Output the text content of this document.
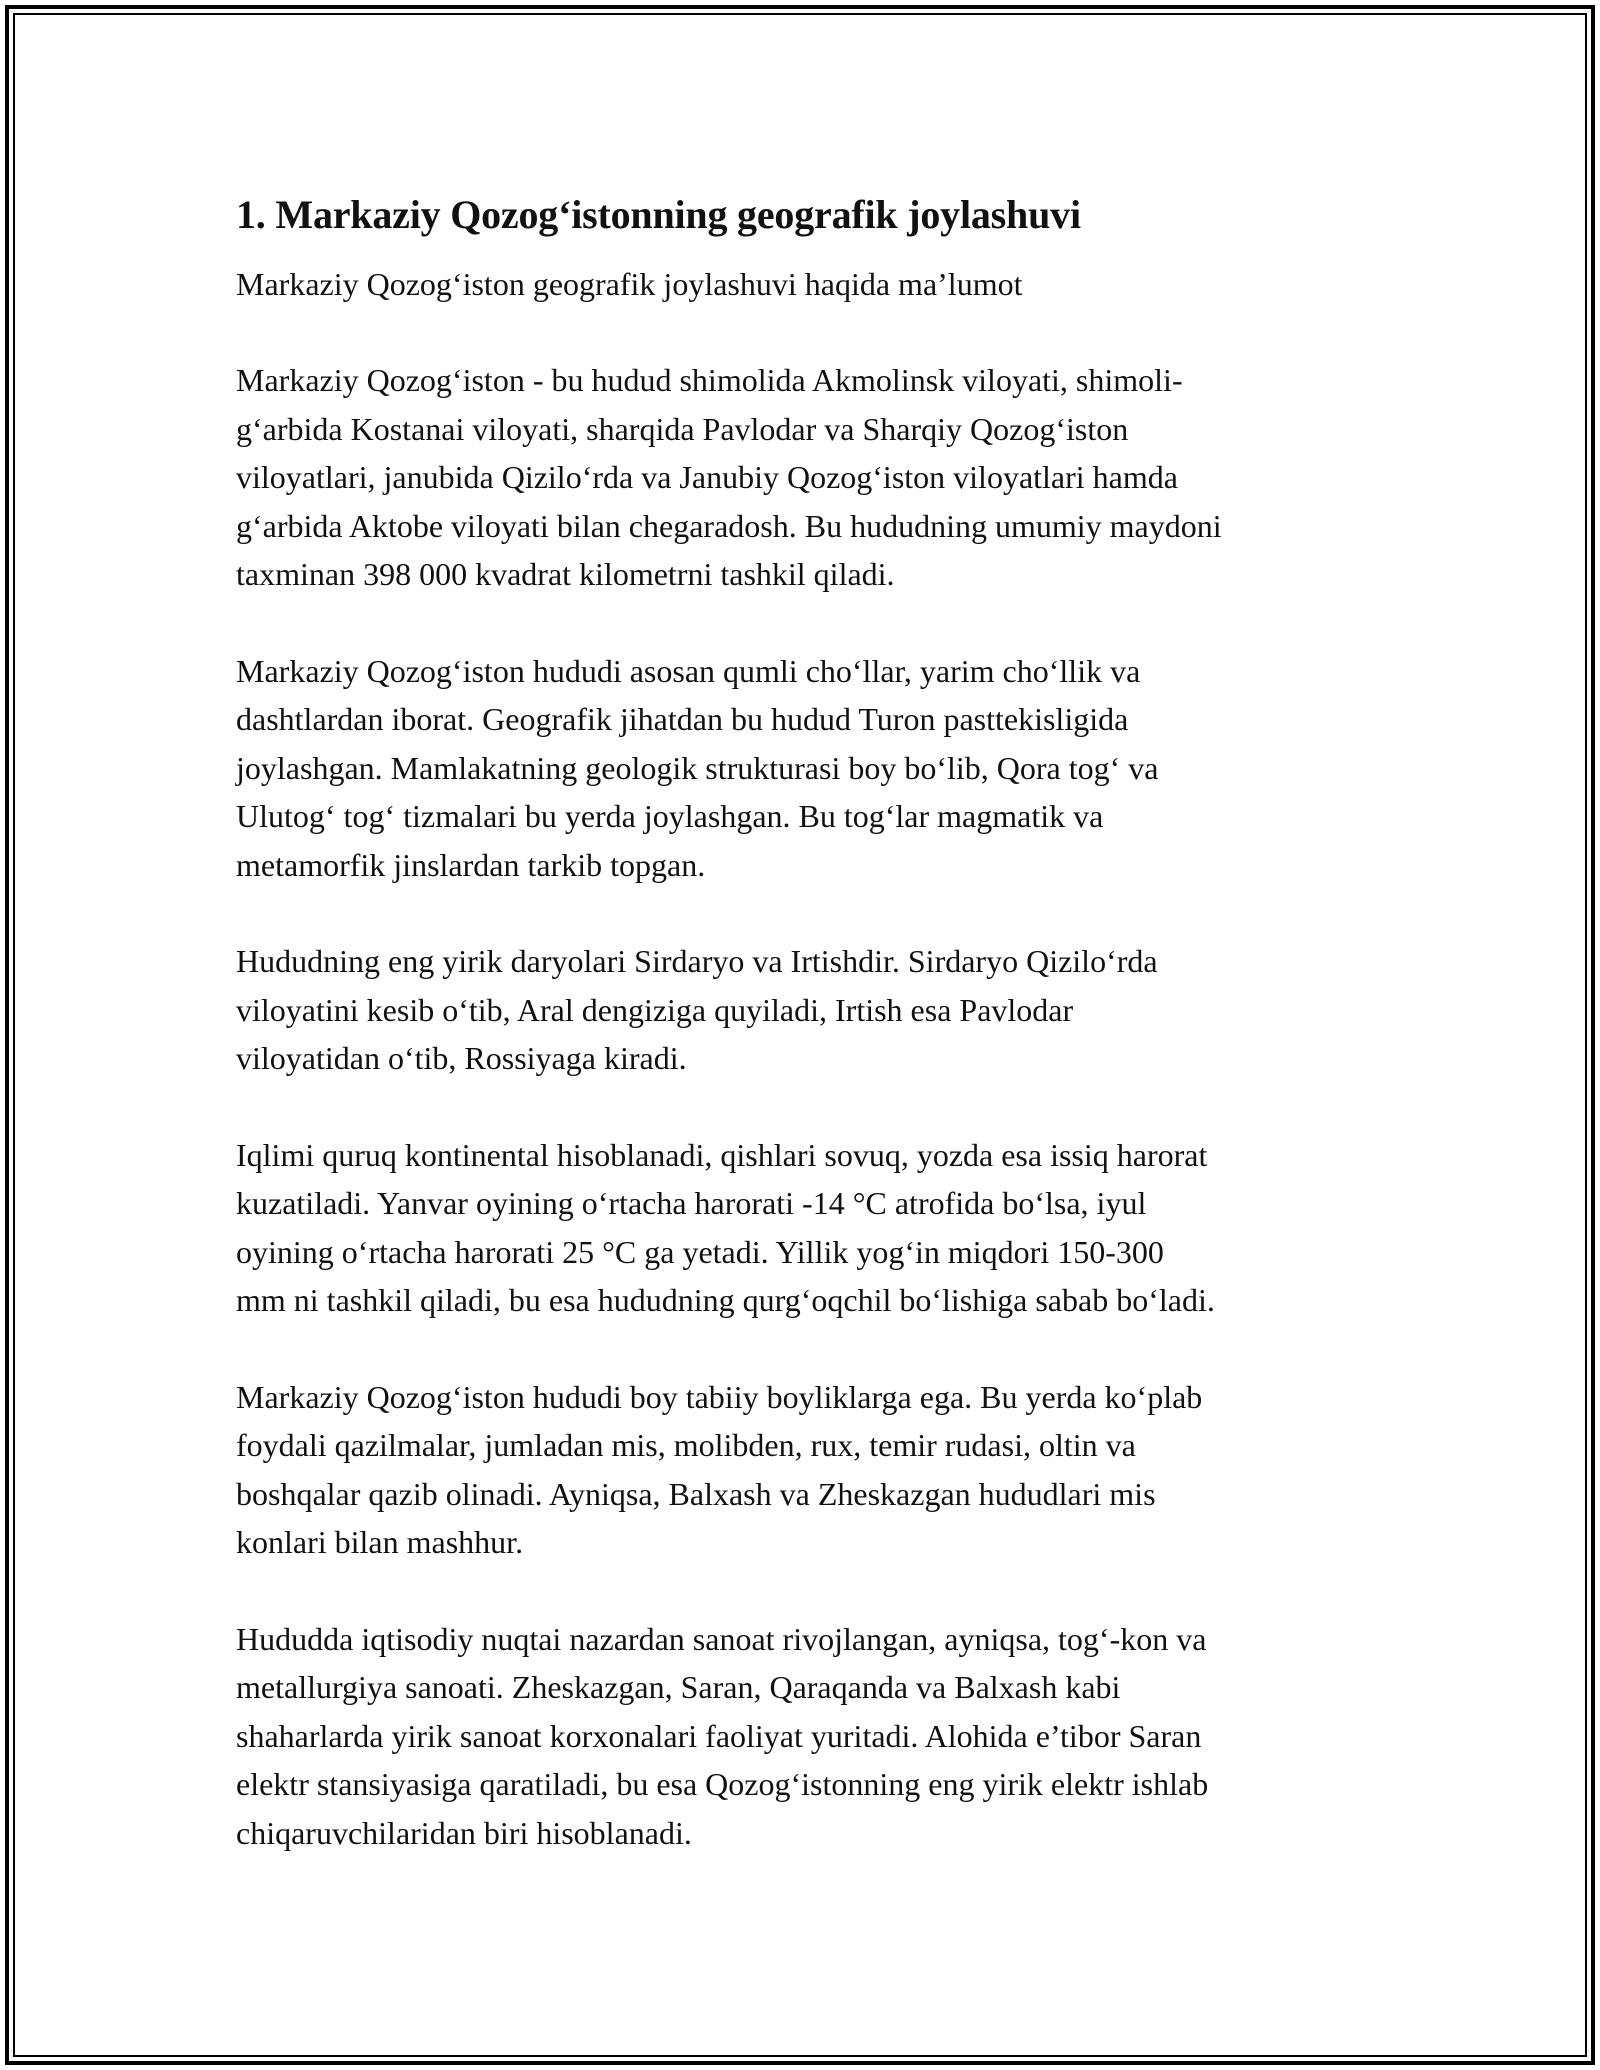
1. Markaziy Qozog‘istonning geografik joylashuvi

Markaziy Qozog‘iston geografik joylashuvi haqida ma’lumot

Markaziy Qozog‘iston - bu hudud shimolida Akmolinsk viloyati, shimoli-
g‘arbida Kostanai viloyati, sharqida Pavlodar va Sharqiy Qozog‘iston
viloyatlari, janubida Qizilo‘rda va Janubiy Qozog‘iston viloyatlari hamda
g‘arbida Aktobe viloyati bilan chegaradosh. Bu hududning umumiy maydoni
taxminan 398 000 kvadrat kilometrni tashkil qiladi.

Markaziy Qozog‘iston hududi asosan qumli cho‘llar, yarim cho‘llik va
dashtlardan iborat. Geografik jihatdan bu hudud Turon pasttekisligida
joylashgan. Mamlakatning geologik strukturasi boy bo‘lib, Qora tog‘ va
Ulutog‘ tog‘ tizmalari bu yerda joylashgan. Bu tog‘lar magmatik va
metamorfik jinslardan tarkib topgan.

Hududning eng yirik daryolari Sirdaryo va Irtishdir. Sirdaryo Qizilo‘rda
viloyatini kesib o‘tib, Aral dengiziga quyiladi, Irtish esa Pavlodar
viloyatidan o‘tib, Rossiyaga kiradi.

Iqlimi quruq kontinental hisoblanadi, qishlari sovuq, yozda esa issiq harorat
kuzatiladi. Yanvar oyining o‘rtacha harorati -14 °C atrofida bo‘lsa, iyul
oyining o‘rtacha harorati 25 °C ga yetadi. Yillik yog‘in miqdori 150-300
mm ni tashkil qiladi, bu esa hududning qurg‘oqchil bo‘lishiga sabab bo‘ladi.

Markaziy Qozog‘iston hududi boy tabiiy boyliklarga ega. Bu yerda ko‘plab
foydali qazilmalar, jumladan mis, molibden, rux, temir rudasi, oltin va
boshqalar qazib olinadi. Ayniqsa, Balxash va Zheskazgan hududlari mis
konlari bilan mashhur.

Hududda iqtisodiy nuqtai nazardan sanoat rivojlangan, ayniqsa, tog‘-kon va
metallurgiya sanoati. Zheskazgan, Saran, Qaraqanda va Balxash kabi
shaharlarda yirik sanoat korxonalari faoliyat yuritadi. Alohida e’tibor Saran
elektr stansiyasiga qaratiladi, bu esa Qozog‘istonning eng yirik elektr ishlab
chiqaruvchilaridan biri hisoblanadi.
